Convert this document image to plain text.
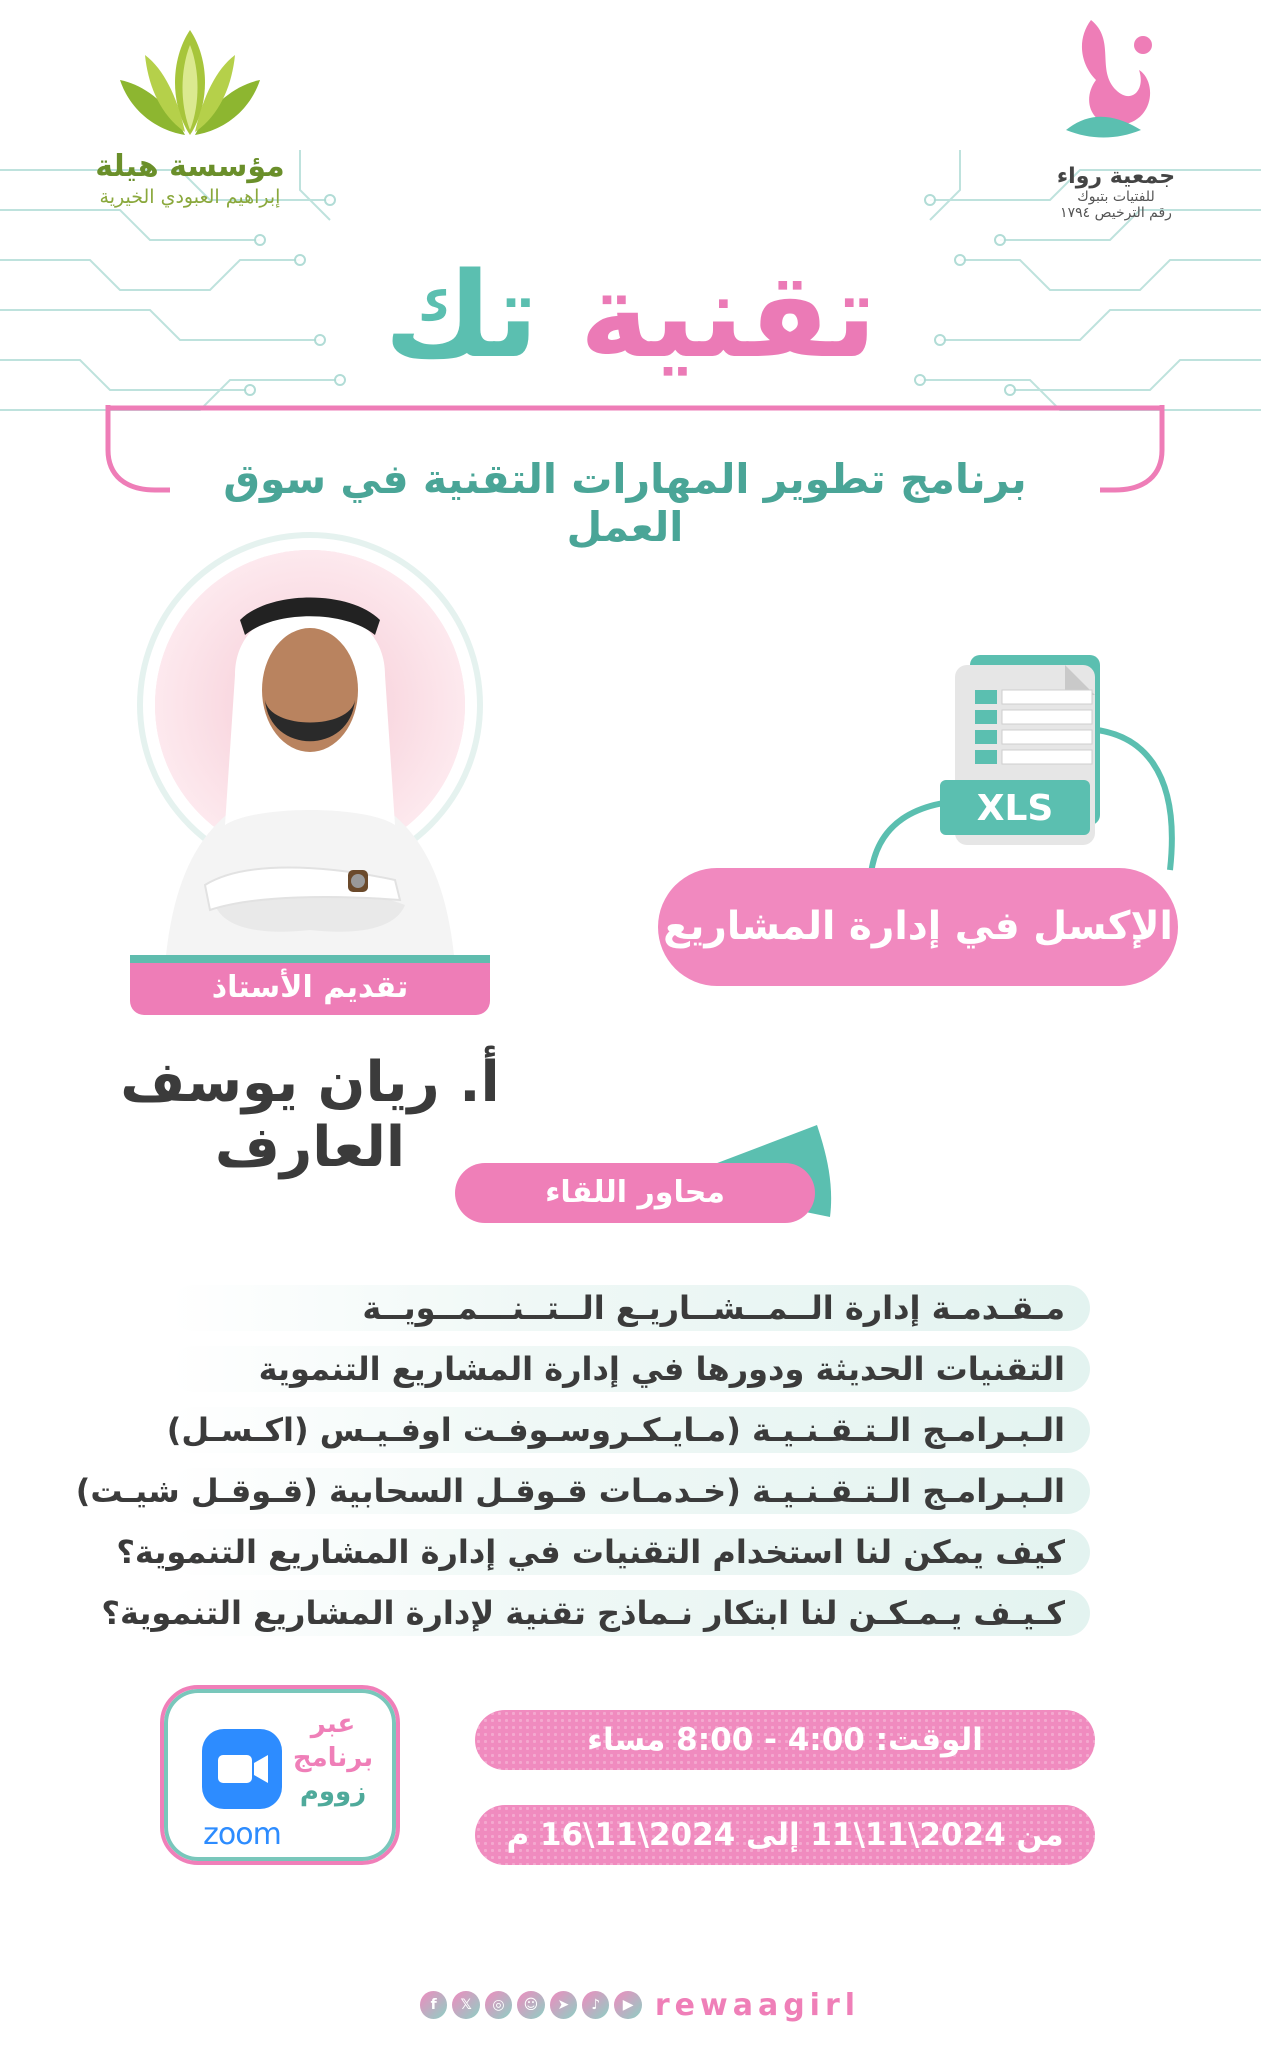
مؤسسة هيلة
إبراهيم العبودي الخيرية
جمعية رواء
للفتيات بتبوك
رقم الترخيص ١٧٩٤
تقنية تك
برنامج تطوير المهارات التقنية في سوق العمل
تقديم الأستاذ
أ. ريان يوسف العارف
XLS
الإكسل في إدارة المشاريع
محاور اللقاء
مـقـدمـة إدارة الــمــشــاريـع الــتــنـــمــويــة
التقنيات الحديثة ودورها في إدارة المشاريع التنموية
الـبـرامـج الـتـقـنـيـة (مـايـكـروسـوفـت اوفـيـس (اكـسـل)
الـبـرامـج الـتـقـنـيـة (خـدمـات قـوقـل السحابية (قـوقـل شيـت)
كيف يمكن لنا استخدام التقنيات في إدارة المشاريع التنموية؟
كـيـف يـمـكـن لنا ابتكار نـماذج تقنية لإدارة المشاريع التنموية؟
عبر
برنامج
زووم
zoom
الوقت: 4:00 - 8:00 مساء
من 2024\11\11 إلى 2024\11\16 م
f	𝕏	◎	☺	➤	♪	▶ rewaagirl
